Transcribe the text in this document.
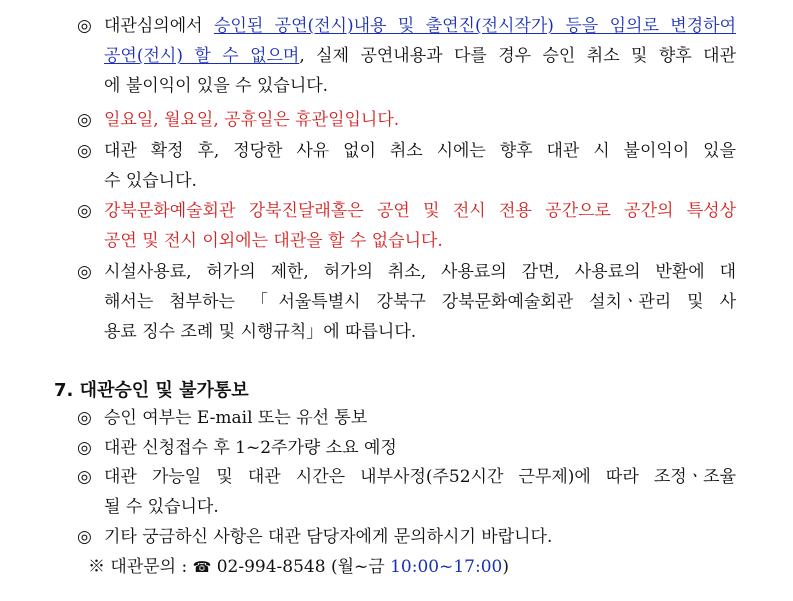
◎ 대관심의에서 승인된 공연(전시)내용 및 출연진(전시작가) 등을 임의로 변경하여
공연(전시) 할 수 없으며, 실제 공연내용과 다를 경우 승인 취소 및 향후 대관
에 불이익이 있을 수 있습니다.
◎ 일요일, 월요일, 공휴일은 휴관일입니다.
◎ 대관 확정 후, 정당한 사유 없이 취소 시에는 향후 대관 시 불이익이 있을
수 있습니다.
◎ 강북문화예술회관 강북진달래홀은 공연 및 전시 전용 공간으로 공간의 특성상
공연 및 전시 이외에는 대관을 할 수 없습니다.
◎ 시설사용료, 허가의 제한, 허가의 취소, 사용료의 감면, 사용료의 반환에 대
해서는 첨부하는 「서울특별시 강북구 강북문화예술회관 설치ㆍ관리 및 사
용료 징수 조례 및 시행규칙」에 따릅니다.
7. 대관승인 및 불가통보
◎ 승인 여부는 E-mail 또는 유선 통보
◎ 대관 신청접수 후 1~2주가량 소요 예정
◎ 대관 가능일 및 대관 시간은 내부사정(주52시간 근무제)에 따라 조정ㆍ조율
될 수 있습니다.
◎ 기타 궁금하신 사항은 대관 담당자에게 문의하시기 바랍니다.
※ 대관문의 : ☎ 02-994-8548 (월~금 10:00~17:00)
